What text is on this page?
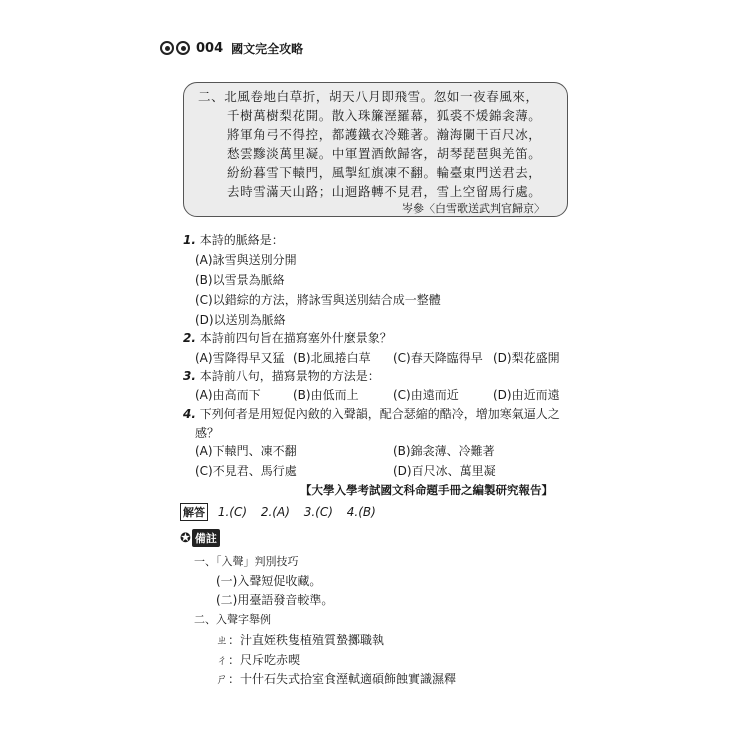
004 國文完全攻略
二、北風卷地白草折，胡天八月即飛雪。忽如一夜春風來，
千樹萬樹梨花開。散入珠簾溼羅幕，狐裘不煖錦衾薄。
將軍角弓不得控，都護鐵衣冷難著。瀚海闌干百尺冰，
愁雲黲淡萬里凝。中軍置酒飲歸客，胡琴琵琶與羌笛。
紛紛暮雪下轅門，風掣紅旗凍不翻。輪臺東門送君去，
去時雪滿天山路；山迴路轉不見君，雪上空留馬行處。
岑參〈白雪歌送武判官歸京〉
1. 本詩的脈絡是：
(A)詠雪與送別分開
(B)以雪景為脈絡
(C)以錯綜的方法，將詠雪與送別結合成一整體
(D)以送別為脈絡
2. 本詩前四句旨在描寫塞外什麼景象？
(A)雪降得早又猛 (B)北風捲白草 (C)春天降臨得早 (D)梨花盛開
3. 本詩前八句，描寫景物的方法是：
(A)由高而下	(B)由低而上	(C)由遠而近	(D)由近而遠
4. 下列何者是用短促內斂的入聲韻，配合瑟縮的酷冷，增加寒氣逼人之
感？
(A)下轅門、凍不翻	(B)錦衾薄、冷難著
(C)不見君、馬行處	(D)百尺冰、萬里凝
【大學入學考試國文科命題手冊之編製研究報告】
解答 1.(C) 2.(A) 3.(C) 4.(B)
✪ 備註
一、「入聲」判別技巧
(一)入聲短促收藏。
(二)用臺語發音較準。
二、入聲字舉例
ㄓ：汁直姪秩隻植殖質蟄擲職執
ㄔ：尺斥吃赤喫
ㄕ：十什石失式拾室食溼軾適碩飾蝕實識濕釋
